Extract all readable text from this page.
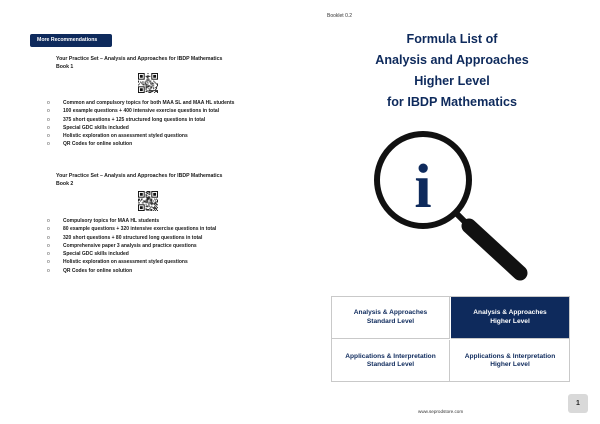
More Recommendations
Your Practice Set – Analysis and Approaches for IBDP Mathematics
Book 1
o	Common and compulsory topics for both MAA SL and MAA HL students
o	100 example questions + 400 intensive exercise questions in total
o	375 short questions + 125 structured long questions in total
o	Special GDC skills included
o	Holistic exploration on assessment styled questions
o	QR Codes for online solution
Your Practice Set – Analysis and Approaches for IBDP Mathematics
Book 2
o	Compulsory topics for MAA HL students
o	80 example questions + 320 intensive exercise questions in total
o	320 short questions + 80 structured long questions in total
o	Comprehensive paper 3 analysis and practice questions
o	Special GDC skills included
o	Holistic exploration on assessment styled questions
o	QR Codes for online solution
Booklet 0.2
Formula List of
Analysis and Approaches
Higher Level
for IBDP Mathematics
i
Analysis & Approaches
Standard Level
Analysis & Approaches
Higher Level
Applications & Interpretation
Standard Level
Applications & Interpretation
Higher Level
www.seprodstore.com
1
